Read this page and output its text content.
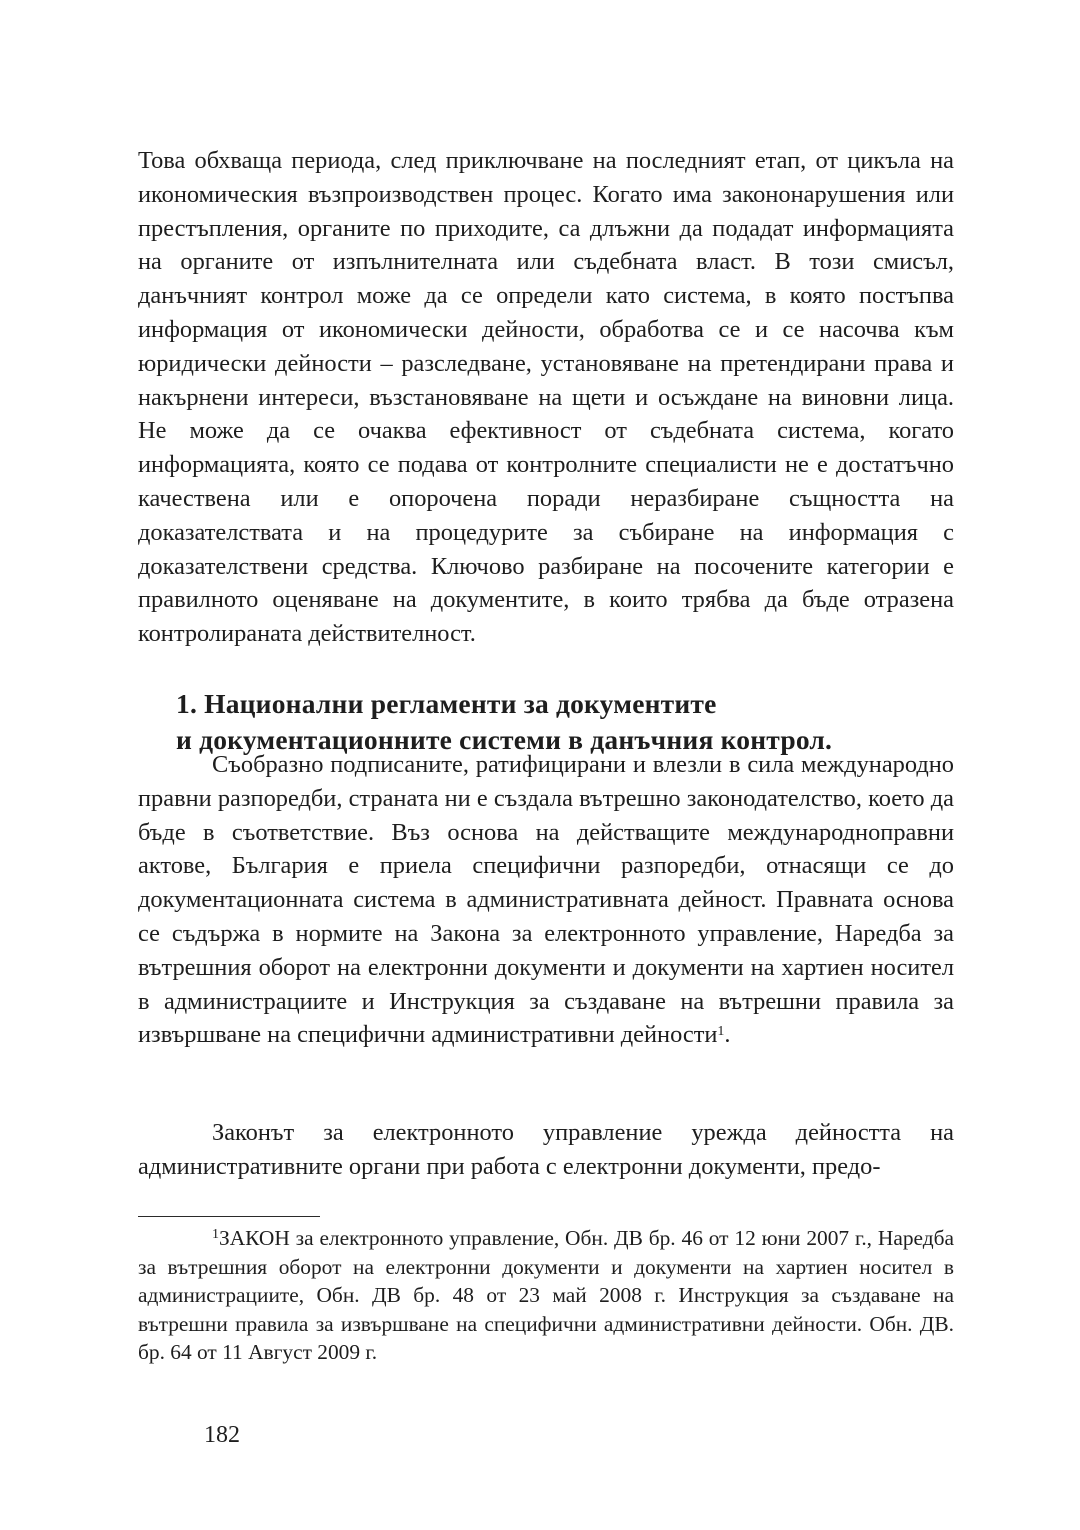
Това обхваща периода, след приключване на последният етап, от цикъла на икономическия възпроизводствен процес. Когато има закононарушения или престъпления, органите по приходите, са длъжни да подадат информацията на органите от изпълнителната или съдебната власт. В този смисъл, данъчният контрол може да се определи като система, в която постъпва информация от икономически дейности, обработва се и се насочва към юридически дейности – разследване, установяване на претендирани права и накърнени интереси, възстановяване на щети и осъждане на виновни лица. Не може да се очаква ефективност от съдебната система, когато информацията, която се подава от контролните специалисти не е достатъчно качествена или е опорочена поради неразбиране същността на доказателствата и на процедурите за събиране на информация с доказателствени средства. Ключово разбиране на посочените категории е правилното оценяване на документите, в които трябва да бъде отразена контролираната действителност.

1. Национални регламенти за документите
и документационните системи в данъчния контрол.

Съобразно подписаните, ратифицирани и влезли в сила международно правни разпоредби, страната ни е създала вътрешно законодателство, което да бъде в съответствие. Въз основа на действащите международноправни актове, България е приела специфични разпоредби, отнасящи се до документационната система в административната дейност. Правната основа се съдържа в нормите на Закона за електронното управление, Наредба за вътрешния оборот на електронни документи и документи на хартиен носител в администрациите и Инструкция за създаване на вътрешни правила за извършване на специфични административни дейности$^1$.

Законът за електронното управление урежда дейността на административните органи при работа с електронни документи, предо-

$^1$ЗАКОН за електронното управление, Обн. ДВ бр. 46 от 12 юни 2007 г., Наредба за вътрешния оборот на електронни документи и документи на хартиен носител в администрациите, Обн. ДВ бр. 48 от 23 май 2008 г. Инструкция за създаване на вътрешни правила за извършване на специфични административни дейности. Обн. ДВ. бр. 64 от 11 Август 2009 г.

182
